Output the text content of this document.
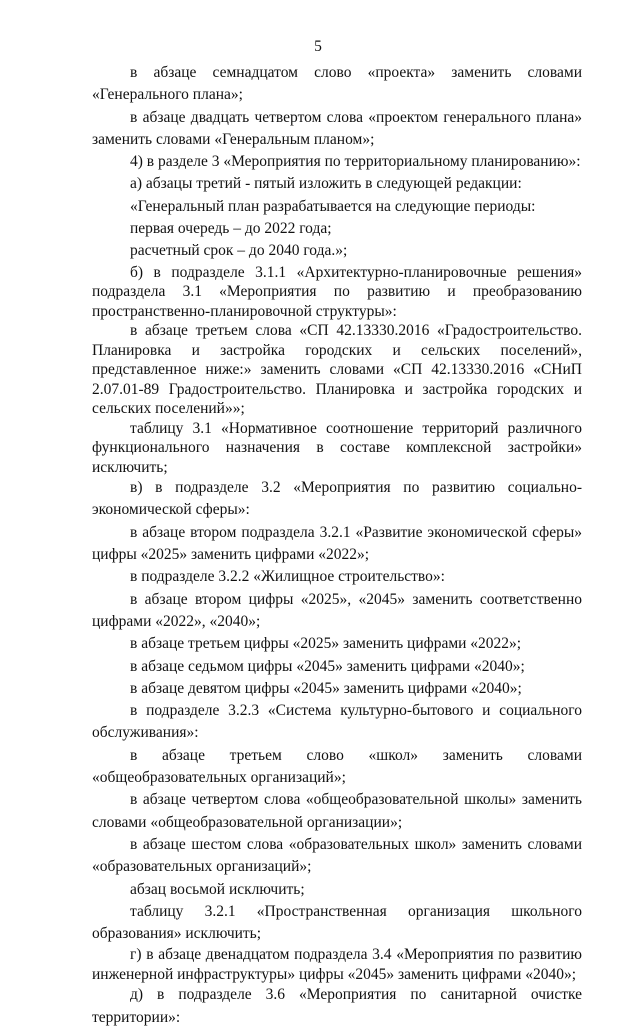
5

в абзаце семнадцатом слово «проекта» заменить словами «Генерального плана»;

в абзаце двадцать четвертом слова «проектом генерального плана» заменить словами «Генеральным планом»;

4) в разделе 3 «Мероприятия по территориальному планированию»:

а) абзацы третий - пятый изложить в следующей редакции:

«Генеральный план разрабатывается на следующие периоды:

первая очередь – до 2022 года;

расчетный срок – до 2040 года.»;

б) в подразделе 3.1.1 «Архитектурно-планировочные решения» подраздела 3.1 «Мероприятия по развитию и преобразованию пространственно-планировочной структуры»:

в абзаце третьем слова «СП 42.13330.2016 «Градостроительство. Планировка и застройка городских и сельских поселений», представленное ниже:» заменить словами «СП 42.13330.2016 «СНиП 2.07.01-89 Градостроительство. Планировка и застройка городских и сельских поселений»»;

таблицу 3.1 «Нормативное соотношение территорий различного функционального назначения в составе комплексной застройки» исключить;

в) в подразделе 3.2 «Мероприятия по развитию социально-экономической сферы»:

в абзаце втором подраздела 3.2.1 «Развитие экономической сферы» цифры «2025» заменить цифрами «2022»;

в подразделе 3.2.2 «Жилищное строительство»:

в абзаце втором цифры «2025», «2045» заменить соответственно цифрами «2022», «2040»;

в абзаце третьем цифры «2025» заменить цифрами «2022»;

в абзаце седьмом цифры «2045» заменить цифрами «2040»;

в абзаце девятом цифры «2045» заменить цифрами «2040»;

в подразделе 3.2.3 «Система культурно-бытового и социального обслуживания»:

в абзаце третьем слово «школ» заменить словами «общеобразовательных организаций»;

в абзаце четвертом слова «общеобразовательной школы» заменить словами «общеобразовательной организации»;

в абзаце шестом слова «образовательных школ» заменить словами «образовательных организаций»;

абзац восьмой исключить;

таблицу 3.2.1 «Пространственная организация школьного образования» исключить;

г) в абзаце двенадцатом подраздела 3.4 «Мероприятия по развитию инженерной инфраструктуры» цифры «2045» заменить цифрами «2040»;

д) в подразделе 3.6 «Мероприятия по санитарной очистке территории»:
